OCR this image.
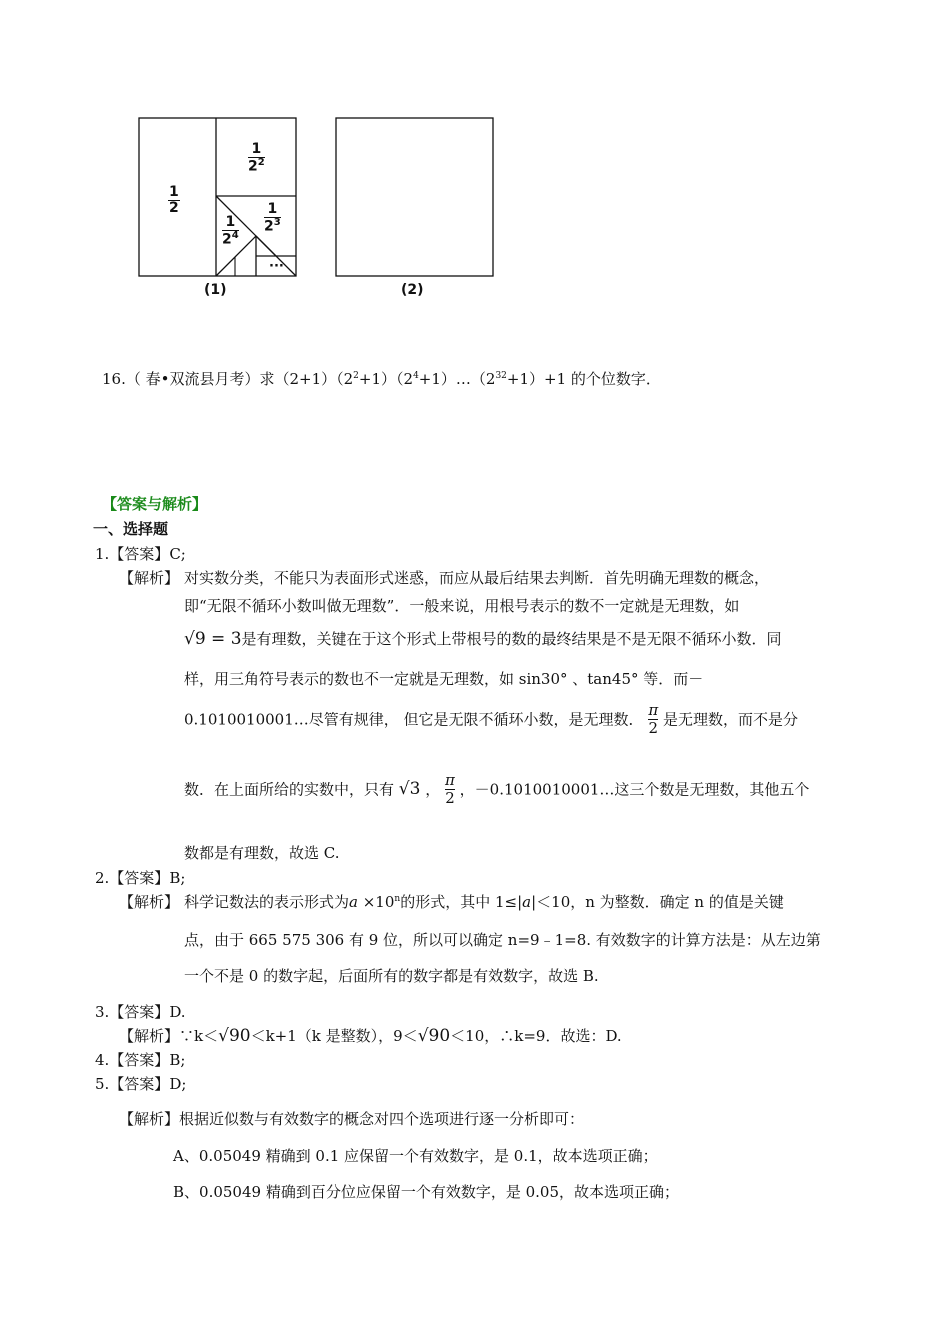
$\frac{1}{2}$
$\frac{1}{2^2}$
$\frac{1}{2^3}$
$\frac{1}{2^4}$
···
(1)	(2)
16.（ 春•双流县月考）求$(2+1)(2^2+1)(2^4+1)\dots(2^{32}+1)+1$ 的个位数字．
【答案与解析】
一、选择题
1.【答案】C;
【解析】 对实数分类，不能只为表面形式迷惑，而应从最后结果去判断．首先明确无理数的概念，
即“无限不循环小数叫做无理数”．一般来说，用根号表示的数不一定就是无理数，如
√9 = 3是有理数，关键在于这个形式上带根号的数的最终结果是不是无限不循环小数．同
样，用三角符号表示的数也不一定就是无理数，如 sin30° 、tan45° 等．而－
0.1010010001…尽管有规律， 但它是无限不循环小数，是无理数． $\frac{\pi}{2}$ 是无理数，而不是分
数．在上面所给的实数中，只有 √3 ， $\frac{\pi}{2}$ ，－0.1010010001…这三个数是无理数，其他五个
数都是有理数，故选 C.
2.【答案】B;
【解析】 科学记数法的表示形式为$a \times 10^n$的形式，其中 1≤|a|＜10，n 为整数．确定 n 的值是关键
点，由于 665 575 306 有 9 位，所以可以确定 n=9﹣1=8. 有效数字的计算方法是：从左边第
一个不是 0 的数字起，后面所有的数字都是有效数字，故选 B.
3.【答案】D.
【解析】∵k＜√90＜k+1（k 是整数），9＜√90＜10，∴k=9．故选：D.
4.【答案】B;
5.【答案】D;
【解析】根据近似数与有效数字的概念对四个选项进行逐一分析即可：
A、0.05049 精确到 0.1 应保留一个有效数字，是 0.1，故本选项正确；
B、0.05049 精确到百分位应保留一个有效数字，是 0.05，故本选项正确；
